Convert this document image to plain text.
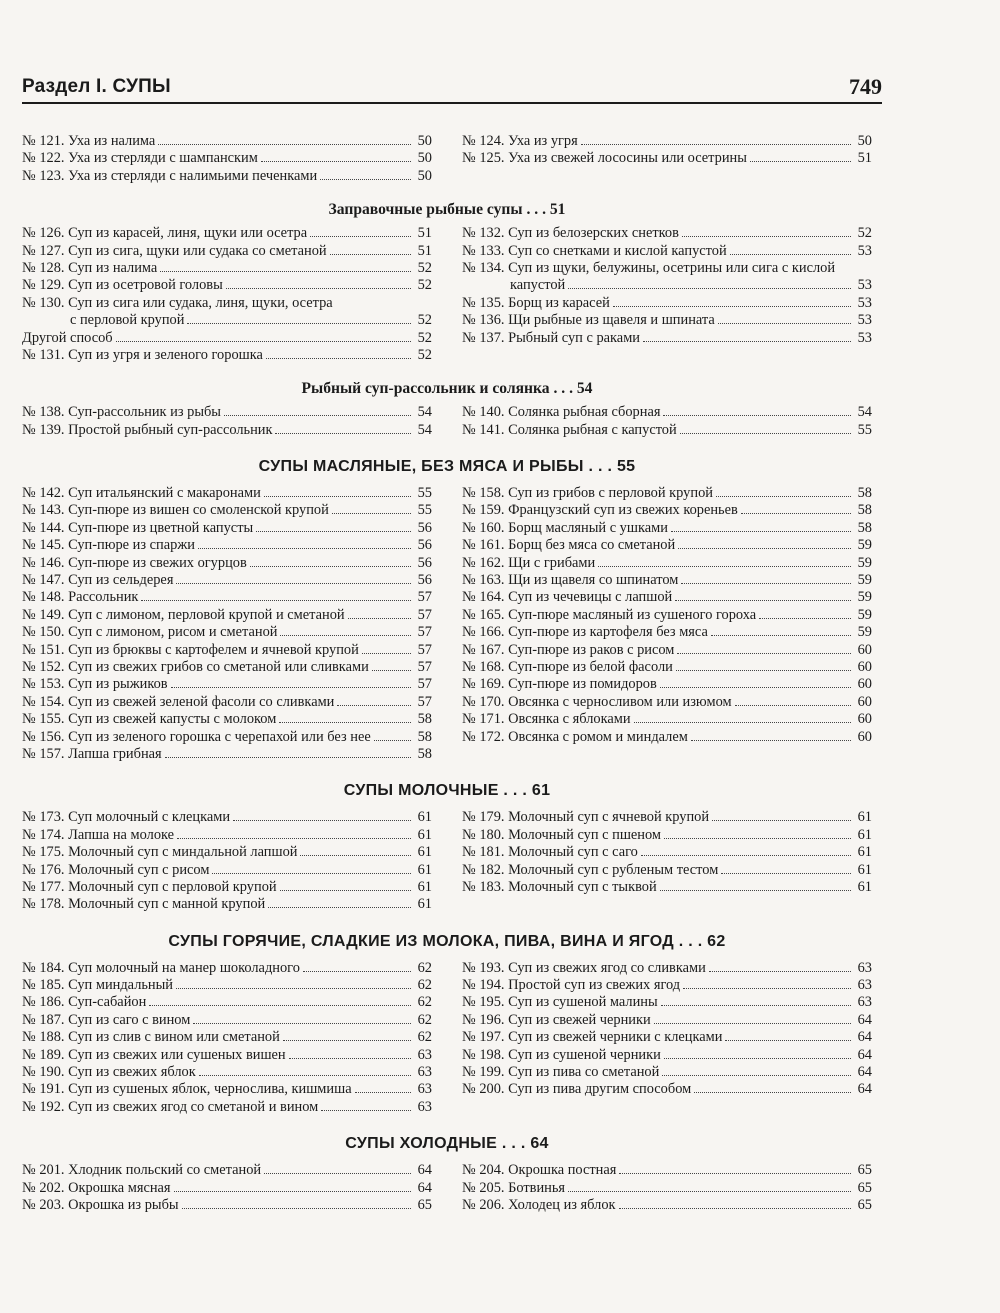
Раздел I. СУПЫ	749
№ 121. Уха из налима	50
№ 122. Уха из стерляди с шампанским	50
№ 123. Уха из стерляди с налимьими печенками	50
№ 124. Уха из угря	50
№ 125. Уха из свежей лососины или осетрины	51
Заправочные рыбные супы . . . 51
№ 126. Суп из карасей, линя, щуки или осетра	51
№ 127. Суп из сига, щуки или судака со сметаной	51
№ 128. Суп из налима	52
№ 129. Суп из осетровой головы	52
№ 130. Суп из сига или судака, линя, щуки, осетра
с перловой крупой	52
Другой способ	52
№ 131. Суп из угря и зеленого горошка	52
№ 132. Суп из белозерских снетков	52
№ 133. Суп со снетками и кислой капустой	53
№ 134. Суп из щуки, белужины, осетрины или сига с кислой
капустой	53
№ 135. Борщ из карасей	53
№ 136. Щи рыбные из щавеля и шпината	53
№ 137. Рыбный суп с раками	53
Рыбный суп-рассольник и солянка . . . 54
№ 138. Суп-рассольник из рыбы	54
№ 139. Простой рыбный суп-рассольник	54
№ 140. Солянка рыбная сборная	54
№ 141. Солянка рыбная с капустой	55
СУПЫ МАСЛЯНЫЕ, БЕЗ МЯСА И РЫБЫ . . . 55
№ 142. Суп итальянский с макаронами	55
№ 143. Суп-пюре из вишен со смоленской крупой	55
№ 144. Суп-пюре из цветной капусты	56
№ 145. Суп-пюре из спаржи	56
№ 146. Суп-пюре из свежих огурцов	56
№ 147. Суп из сельдерея	56
№ 148. Рассольник	57
№ 149. Суп с лимоном, перловой крупой и сметаной	57
№ 150. Суп с лимоном, рисом и сметаной	57
№ 151. Суп из брюквы с картофелем и ячневой крупой	57
№ 152. Суп из свежих грибов со сметаной или сливками	57
№ 153. Суп из рыжиков	57
№ 154. Суп из свежей зеленой фасоли со сливками	57
№ 155. Суп из свежей капусты с молоком	58
№ 156. Суп из зеленого горошка с черепахой или без нее	58
№ 157. Лапша грибная	58
№ 158. Суп из грибов с перловой крупой	58
№ 159. Французский суп из свежих кореньев	58
№ 160. Борщ масляный с ушками	58
№ 161. Борщ без мяса со сметаной	59
№ 162. Щи с грибами	59
№ 163. Щи из щавеля со шпинатом	59
№ 164. Суп из чечевицы с лапшой	59
№ 165. Суп-пюре масляный из сушеного гороха	59
№ 166. Суп-пюре из картофеля без мяса	59
№ 167. Суп-пюре из раков с рисом	60
№ 168. Суп-пюре из белой фасоли	60
№ 169. Суп-пюре из помидоров	60
№ 170. Овсянка с черносливом или изюмом	60
№ 171. Овсянка с яблоками	60
№ 172. Овсянка с ромом и миндалем	60
СУПЫ МОЛОЧНЫЕ . . . 61
№ 173. Суп молочный с клецками	61
№ 174. Лапша на молоке	61
№ 175. Молочный суп с миндальной лапшой	61
№ 176. Молочный суп с рисом	61
№ 177. Молочный суп с перловой крупой	61
№ 178. Молочный суп с манной крупой	61
№ 179. Молочный суп с ячневой крупой	61
№ 180. Молочный суп с пшеном	61
№ 181. Молочный суп с саго	61
№ 182. Молочный суп с рубленым тестом	61
№ 183. Молочный суп с тыквой	61
СУПЫ ГОРЯЧИЕ, СЛАДКИЕ ИЗ МОЛОКА, ПИВА, ВИНА И ЯГОД . . . 62
№ 184. Суп молочный на манер шоколадного	62
№ 185. Суп миндальный	62
№ 186. Суп-сабайон	62
№ 187. Суп из саго с вином	62
№ 188. Суп из слив с вином или сметаной	62
№ 189. Суп из свежих или сушеных вишен	63
№ 190. Суп из свежих яблок	63
№ 191. Суп из сушеных яблок, чернослива, кишмиша	63
№ 192. Суп из свежих ягод со сметаной и вином	63
№ 193. Суп из свежих ягод со сливками	63
№ 194. Простой суп из свежих ягод	63
№ 195. Суп из сушеной малины	63
№ 196. Суп из свежей черники	64
№ 197. Суп из свежей черники с клецками	64
№ 198. Суп из сушеной черники	64
№ 199. Суп из пива со сметаной	64
№ 200. Суп из пива другим способом	64
СУПЫ ХОЛОДНЫЕ . . . 64
№ 201. Хлодник польский со сметаной	64
№ 202. Окрошка мясная	64
№ 203. Окрошка из рыбы	65
№ 204. Окрошка постная	65
№ 205. Ботвинья	65
№ 206. Холодец из яблок	65
